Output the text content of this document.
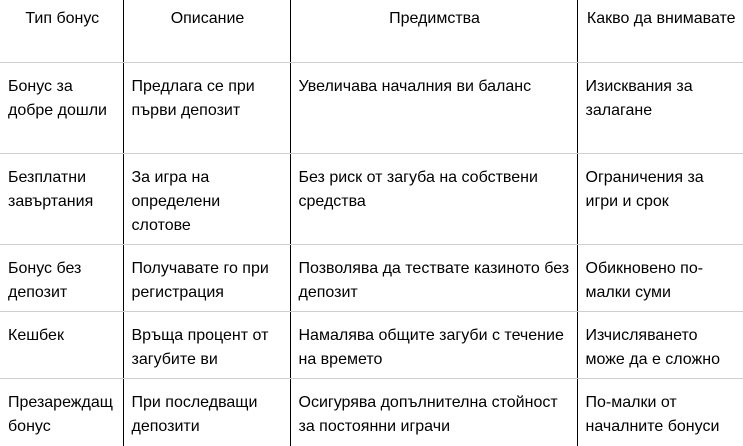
Тип бонус	Описание	Предимства	Какво да внимавате
Бонус за добре дошли	Предлага се при първи депозит	Увеличава началния ви баланс	Изисквания за залагане
Безплатни завъртания	За игра на определени слотове	Без риск от загуба на собствени средства	Ограничения за игри и срок
Бонус без депозит	Получавате го при регистрация	Позволява да тествате казиното без депозит	Обикновено по-малки суми
Кешбек	Връща процент от загубите ви	Намалява общите загуби с течение на времето	Изчисляването може да е сложно
Презареждащ бонус	При последващи депозити	Осигурява допълнителна стойност за постоянни играчи	По-малки от началните бонуси
